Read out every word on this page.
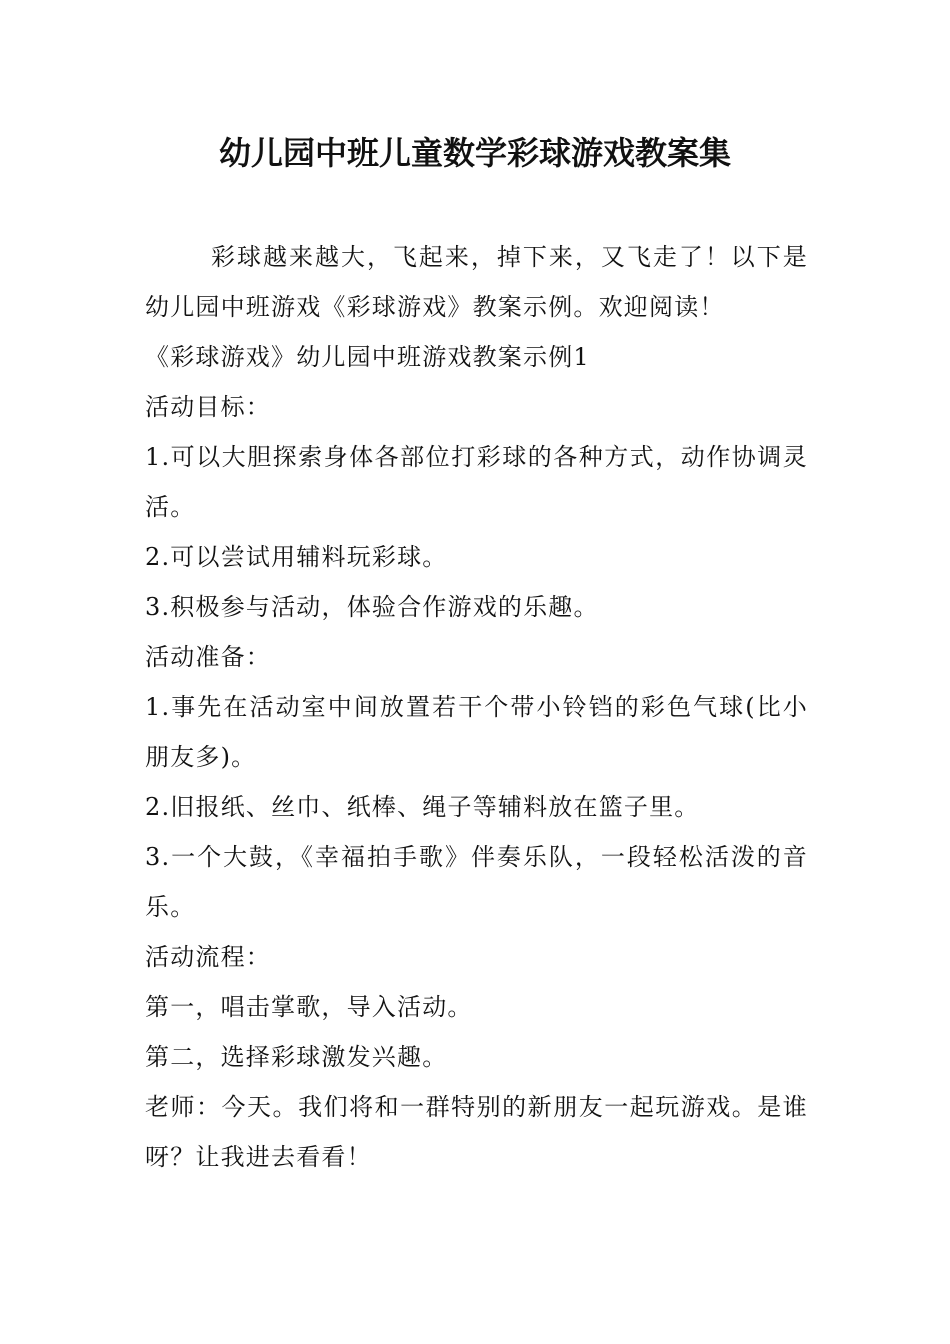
幼儿园中班儿童数学彩球游戏教案集

彩球越来越大，飞起来，掉下来，又飞走了！以下是幼儿园中班游戏《彩球游戏》教案示例。欢迎阅读！

《彩球游戏》幼儿园中班游戏教案示例1

活动目标：

1.可以大胆探索身体各部位打彩球的各种方式，动作协调灵活。

2.可以尝试用辅料玩彩球。

3.积极参与活动，体验合作游戏的乐趣。

活动准备：

1.事先在活动室中间放置若干个带小铃铛的彩色气球(比小朋友多)。

2.旧报纸、丝巾、纸棒、绳子等辅料放在篮子里。

3.一个大鼓，《幸福拍手歌》伴奏乐队，一段轻松活泼的音乐。

活动流程：

第一，唱击掌歌，导入活动。

第二，选择彩球激发兴趣。

老师：今天。我们将和一群特别的新朋友一起玩游戏。是谁呀？让我进去看看！
